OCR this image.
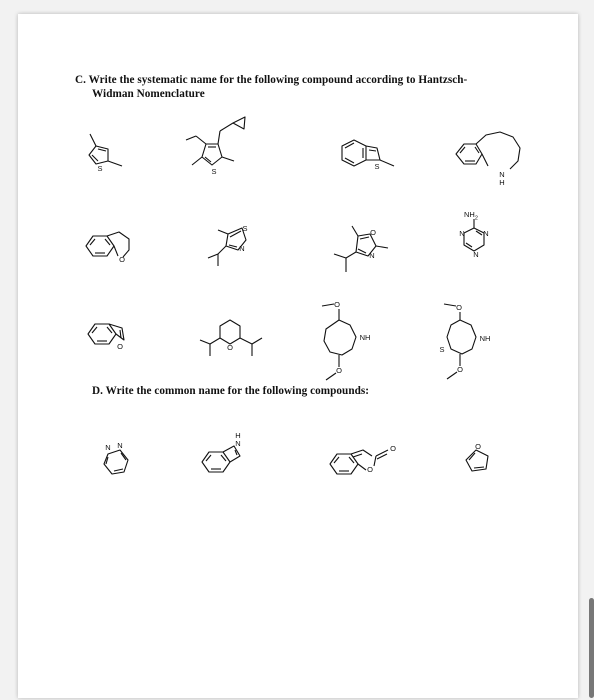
C. Write the systematic name for the following compound according to Hantzsch-
Widman Nomenclature
S	S
S
N
H
O
S
N
O
N
$NH_2$
N N
N
O	O
O
NH
O
O
NH
S
O
D. Write the common name for the following compounds:
N N	N
H
O
O	O
